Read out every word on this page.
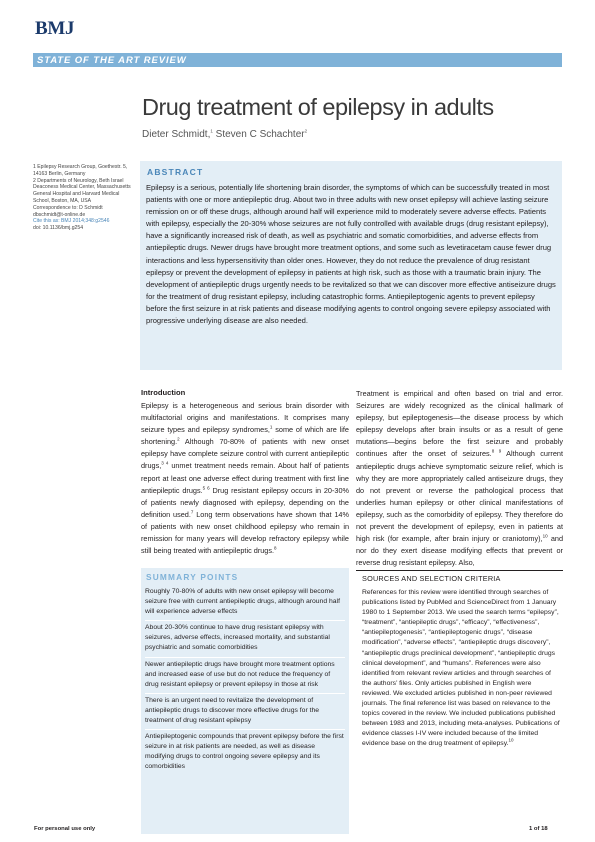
BMJ
STATE OF THE ART REVIEW
Drug treatment of epilepsy in adults
Dieter Schmidt,$^1$ Steven C Schachter$^2$

1 Epilepsy Research Group, Goethestr. 5, 14163 Berlin, Germany

2 Departments of Neurology, Beth Israel Deaconess Medical Center, Massachusetts General Hospital and Harvard Medical School, Boston, MA, USA

Correspondence to: D Schmidt dbschmidt@t-online.de

Cite this as: BMJ 2014;348:g2546

doi: 10.1136/bmj.g254

ABSTRACT

Epilepsy is a serious, potentially life shortening brain disorder, the symptoms of which can be successfully treated in most patients with one or more antiepileptic drug. About two in three adults with new onset epilepsy will achieve lasting seizure remission on or off these drugs, although around half will experience mild to moderately severe adverse effects. Patients with epilepsy, especially the 20-30% whose seizures are not fully controlled with available drugs (drug resistant epilepsy), have a significantly increased risk of death, as well as psychiatric and somatic comorbidities, and adverse effects from antiepileptic drugs. Newer drugs have brought more treatment options, and some such as levetiracetam cause fewer drug interactions and less hypersensitivity than older ones. However, they do not reduce the prevalence of drug resistant epilepsy or prevent the development of epilepsy in patients at high risk, such as those with a traumatic brain injury. The development of antiepileptic drugs urgently needs to be revitalized so that we can discover more effective antiseizure drugs for the treatment of drug resistant epilepsy, including catastrophic forms. Antiepileptogenic agents to prevent epilepsy before the first seizure in at risk patients and disease modifying agents to control ongoing severe epilepsy associated with progressive underlying disease are also needed.

Introduction

Epilepsy is a heterogeneous and serious brain disorder with multifactorial origins and manifestations. It comprises many seizure types and epilepsy syndromes,$^1$ some of which are life shortening.$^2$ Although 70-80% of patients with new onset epilepsy have complete seizure control with current antiepileptic drugs,$^{3 4}$ unmet treatment needs remain. About half of patients report at least one adverse effect during treatment with first line antiepileptic drugs.$^{5 6}$ Drug resistant epilepsy occurs in 20-30% of patients newly diagnosed with epilepsy, depending on the definition used.$^7$ Long term observations have shown that 14% of patients with new onset childhood epilepsy who remain in remission for many years will develop refractory epilepsy while still being treated with antiepileptic drugs.$^8$

Treatment is empirical and often based on trial and error. Seizures are widely recognized as the clinical hallmark of epilepsy, but epileptogenesis—the disease process by which epilepsy develops after brain insults or as a result of gene mutations—begins before the first seizure and probably continues after the onset of seizures.$^{8 9}$ Although current antiepileptic drugs achieve symptomatic seizure relief, which is why they are more appropriately called antiseizure drugs, they do not prevent or reverse the pathological process that underlies human epilepsy or other clinical manifestations of epilepsy, such as the comorbidity of epilepsy. They therefore do not prevent the development of epilepsy, even in patients at high risk (for example, after brain injury or craniotomy),$^{10}$ and nor do they exert disease modifying effects that prevent or reverse drug resistant epilepsy. Also,

SUMMARY POINTS
Roughly 70-80% of adults with new onset epilepsy will become seizure free with current antiepileptic drugs, although around half will experience adverse effects
About 20-30% continue to have drug resistant epilepsy with seizures, adverse effects, increased mortality, and substantial psychiatric and somatic comorbidities
Newer antiepileptic drugs have brought more treatment options and increased ease of use but do not reduce the frequency of drug resistant epilepsy or prevent epilepsy in those at risk
There is an urgent need to revitalize the development of antiepileptic drugs to discover more effective drugs for the treatment of drug resistant epilepsy
Antiepileptogenic compounds that prevent epilepsy before the first seizure in at risk patients are needed, as well as disease modifying drugs to control ongoing severe epilepsy and its comorbidities
SOURCES AND SELECTION CRITERIA

References for this review were identified through searches of publications listed by PubMed and ScienceDirect from 1 January 1980 to 1 September 2013. We used the search terms “epilepsy”, “treatment”, “antiepileptic drugs”, “efficacy”, “effectiveness”, “antiepileptogenesis”, “antiepileptogenic drugs”, “disease modification”, “adverse effects”, “antiepileptic drugs discovery”, “antiepileptic drugs preclinical development”, “antiepileptic drugs clinical development”, and “humans”. References were also identified from relevant review articles and through searches of the authors’ files. Only articles published in English were reviewed. We excluded articles published in non-peer reviewed journals. The final reference list was based on relevance to the topics covered in the review. We included publications published between 1983 and 2013, including meta-analyses. Publications of evidence classes I-IV were included because of the limited evidence base on the drug treatment of epilepsy.$^{10}$

For personal use only	1 of 18
